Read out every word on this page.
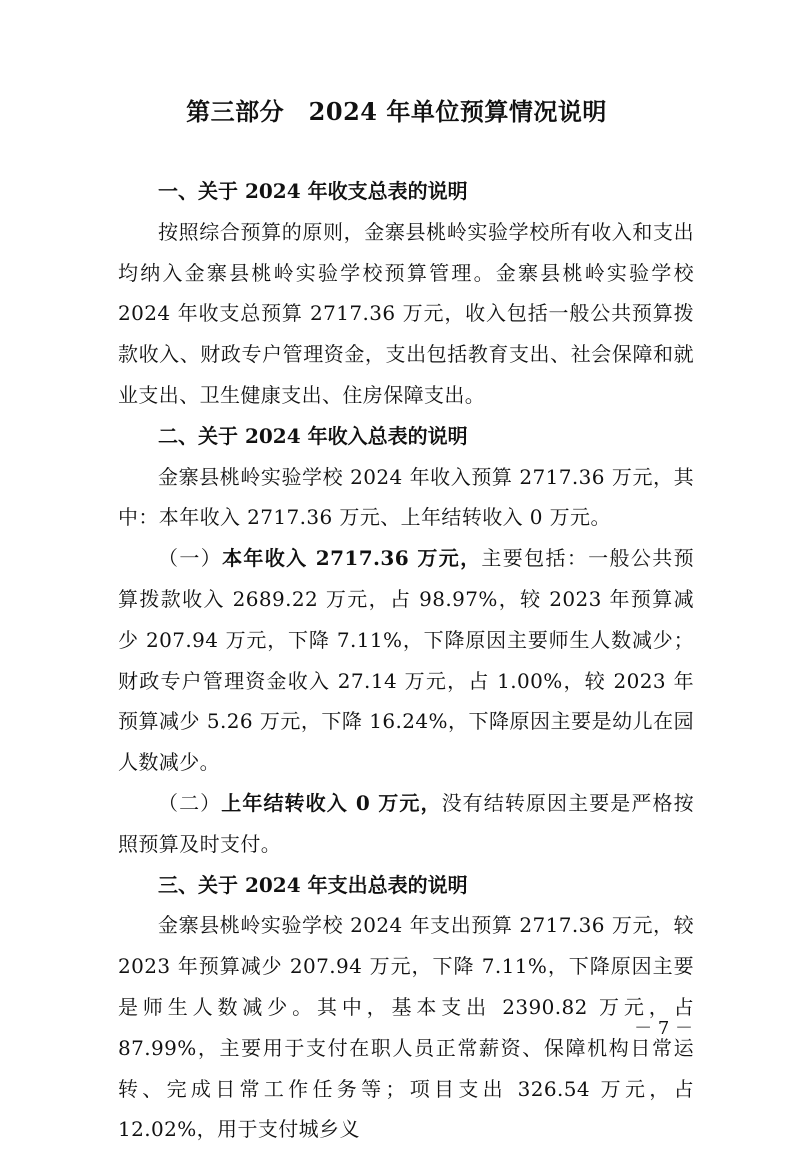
第三部分　2024 年单位预算情况说明

一、关于 2024 年收支总表的说明

按照综合预算的原则，金寨县桃岭实验学校所有收入和支出均纳入金寨县桃岭实验学校预算管理。金寨县桃岭实验学校 2024 年收支总预算 2717.36 万元，收入包括一般公共预算拨款收入、财政专户管理资金，支出包括教育支出、社会保障和就业支出、卫生健康支出、住房保障支出。

二、关于 2024 年收入总表的说明

金寨县桃岭实验学校 2024 年收入预算 2717.36 万元，其中：本年收入 2717.36 万元、上年结转收入 0 万元。

（一）本年收入 2717.36 万元，主要包括：一般公共预算拨款收入 2689.22 万元，占 98.97%，较 2023 年预算减少 207.94 万元，下降 7.11%，下降原因主要师生人数减少；财政专户管理资金收入 27.14 万元，占 1.00%，较 2023 年预算减少 5.26 万元，下降 16.24%，下降原因主要是幼儿在园人数减少。

（二）上年结转收入 0 万元，没有结转原因主要是严格按照预算及时支付。

三、关于 2024 年支出总表的说明

金寨县桃岭实验学校 2024 年支出预算 2717.36 万元，较 2023 年预算减少 207.94 万元，下降 7.11%，下降原因主要是师生人数减少。其中，基本支出 2390.82 万元，占 87.99%，主要用于支付在职人员正常薪资、保障机构日常运转、完成日常工作任务等；项目支出 326.54 万元，占 12.02%，用于支付城乡义

－ 7 －
